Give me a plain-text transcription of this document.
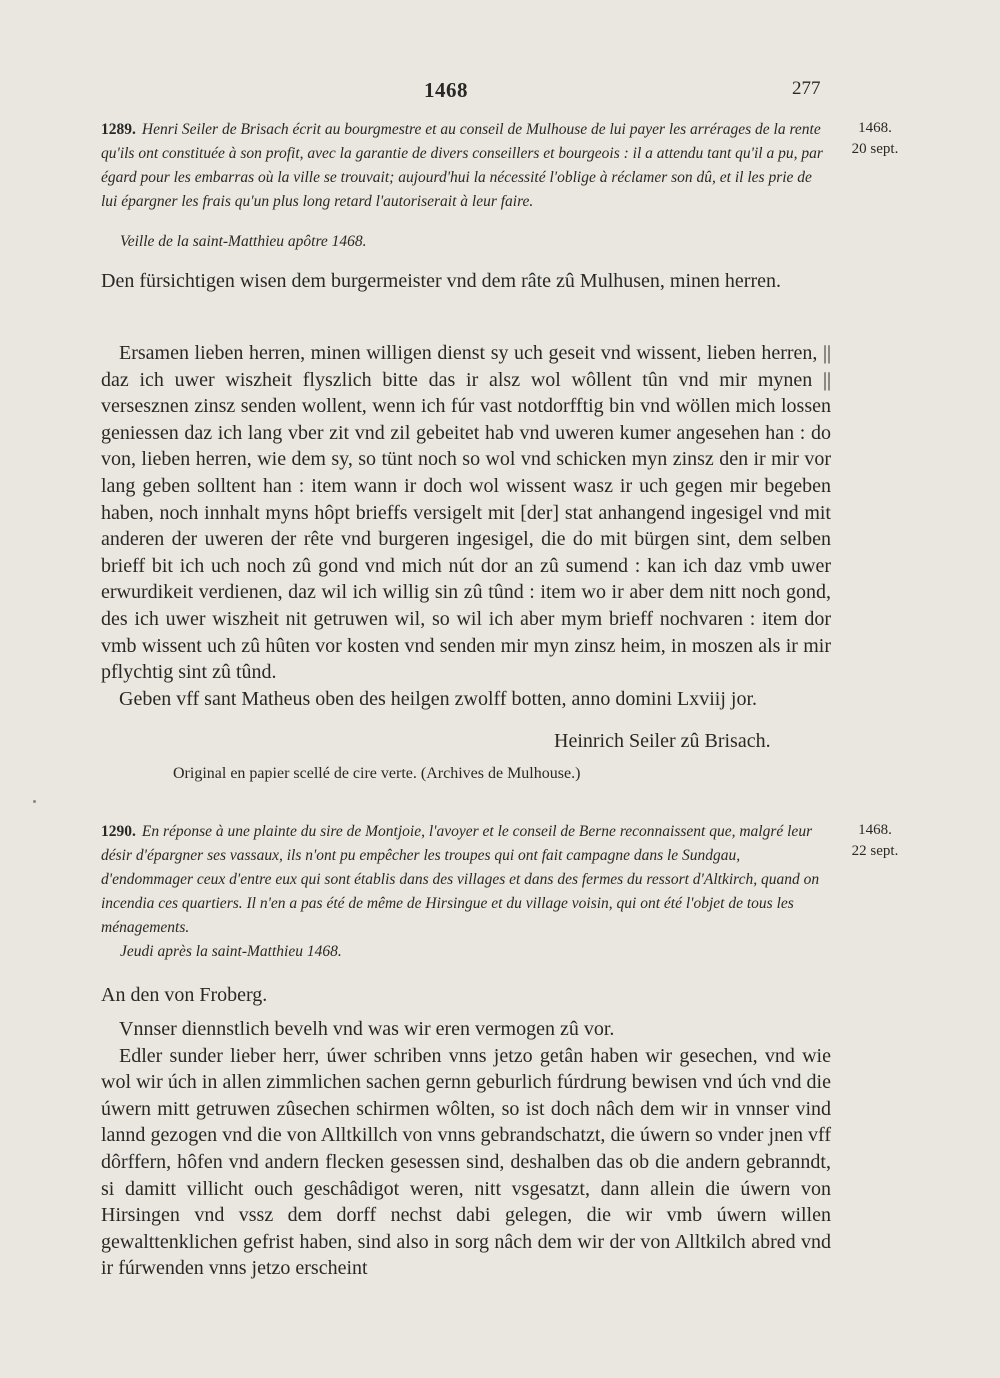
1468	277
1468.
20 sept.
1289. Henri Seiler de Brisach écrit au bourgmestre et au conseil de Mulhouse de lui payer les arrérages de la rente qu'ils ont constituée à son profit, avec la garantie de divers conseillers et bourgeois : il a attendu tant qu'il a pu, par égard pour les embarras où la ville se trouvait; aujourd'hui la nécessité l'oblige à réclamer son dû, et il les prie de lui épargner les frais qu'un plus long retard l'autoriserait à leur faire.
Veille de la saint-Matthieu apôtre 1468.
Den fürsichtigen wisen dem burgermeister vnd dem râte zû Mulhusen, minen herren.

Ersamen lieben herren, minen willigen dienst sy uch geseit vnd wissent, lieben herren, || daz ich uwer wiszheit flyszlich bitte das ir alsz wol wôllent tûn vnd mir mynen || versesznen zinsz senden wollent, wenn ich fúr vast notdorfftig bin vnd wöllen mich lossen geniessen daz ich lang vber zit vnd zil gebeitet hab vnd uweren kumer angesehen han : do von, lieben herren, wie dem sy, so tünt noch so wol vnd schicken myn zinsz den ir mir vor lang geben solltent han : item wann ir doch wol wissent wasz ir uch gegen mir begeben haben, noch innhalt myns hôpt brieffs versigelt mit [der] stat anhangend ingesigel vnd mit anderen der uweren der rête vnd burgeren ingesigel, die do mit bürgen sint, dem selben brieff bit ich uch noch zû gond vnd mich nút dor an zû sumend : kan ich daz vmb uwer erwurdikeit verdienen, daz wil ich willig sin zû tûnd : item wo ir aber dem nitt noch gond, des ich uwer wiszheit nit getruwen wil, so wil ich aber mym brieff nochvaren : item dor vmb wissent uch zû hûten vor kosten vnd senden mir myn zinsz heim, in moszen als ir mir pflychtig sint zû tûnd.

Geben vff sant Matheus oben des heilgen zwolff botten, anno domini Lxviij jor.

Heinrich Seiler zû Brisach.
Original en papier scellé de cire verte. (Archives de Mulhouse.)
1468.
22 sept.
1290. En réponse à une plainte du sire de Montjoie, l'avoyer et le conseil de Berne reconnaissent que, malgré leur désir d'épargner ses vassaux, ils n'ont pu empêcher les troupes qui ont fait campagne dans le Sundgau, d'endommager ceux d'entre eux qui sont établis dans des villages et dans des fermes du ressort d'Altkirch, quand on incendia ces quartiers. Il n'en a pas été de même de Hirsingue et du village voisin, qui ont été l'objet de tous les ménagements.
Jeudi après la saint-Matthieu 1468.
An den von Froberg.

Vnnser diennstlich bevelh vnd was wir eren vermogen zû vor.

Edler sunder lieber herr, úwer schriben vnns jetzo getân haben wir gesechen, vnd wie wol wir úch in allen zimmlichen sachen gernn geburlich fúrdrung bewisen vnd úch vnd die úwern mitt getruwen zûsechen schirmen wôlten, so ist doch nâch dem wir in vnnser vind lannd gezogen vnd die von Alltkillch von vnns gebrandschatzt, die úwern so vnder jnen vff dôrffern, hôfen vnd andern flecken gesessen sind, deshalben das ob die andern gebranndt, si damitt villicht ouch geschâdigot weren, nitt vsgesatzt, dann allein die úwern von Hirsingen vnd vssz dem dorff nechst dabi gelegen, die wir vmb úwern willen gewalttenklichen gefrist haben, sind also in sorg nâch dem wir der von Alltkilch abred vnd ir fúrwenden vnns jetzo erscheint
